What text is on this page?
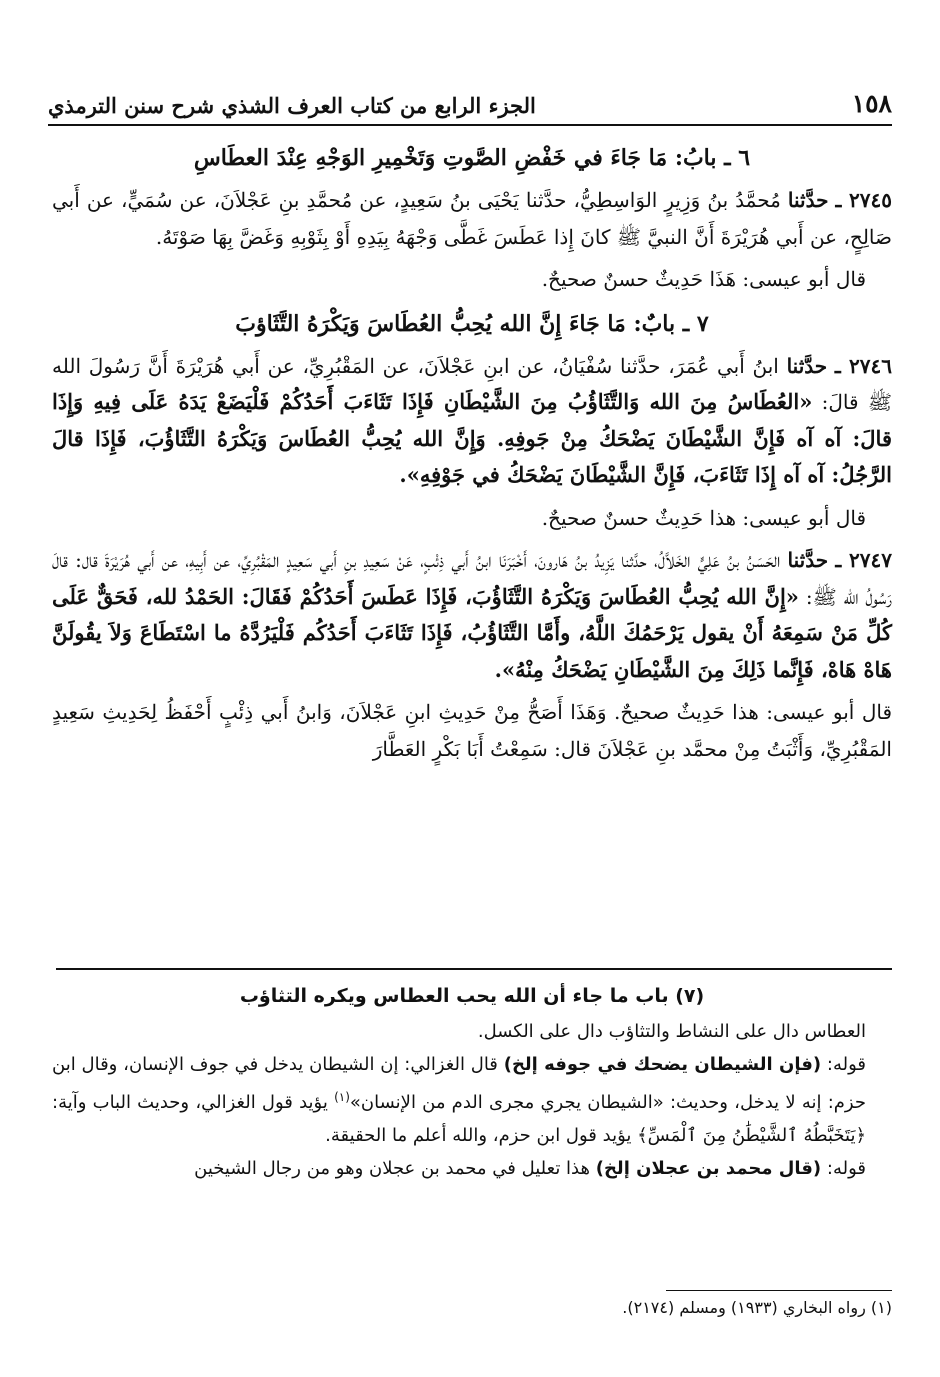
١٥٨
الجزء الرابع من كتاب العرف الشذي شرح سنن الترمذي
٦ ـ بابُ: مَا جَاءَ في خَفْضِ الصَّوتِ وَتَخْمِيرِ الوَجْهِ عِنْدَ العطَاسِ

٢٧٤٥ ـ حدَّثنا مُحمَّدُ بنُ وَزِيرٍ الوَاسِطِيُّ، حدَّثنا يَحْيَى بنُ سَعِيدٍ، عن مُحمَّدِ بنِ عَجْلاَنَ، عن سُمَيٍّ، عن أَبي صَالِحٍ، عن أَبي هُرَيْرَةَ أَنَّ النبيَّ ﷺ كانَ إِذا عَطَسَ غَطَّى وَجْهَهُ بِيَدِهِ أَوْ بِثَوْبِهِ وَغَضَّ بِهَا صَوْتَهُ.

قال أبو عيسى: هَذَا حَدِيثٌ حسنٌ صحيحٌ.

٧ ـ بابٌ: مَا جَاءَ إِنَّ الله يُحِبُّ العُطَاسَ وَيَكْرَهُ التَّثَاؤبَ

٢٧٤٦ ـ حدَّثنا ابنُ أَبي عُمَرَ، حدَّثنا سُفْيَانُ، عن ابنِ عَجْلاَنَ، عن المَقْبُرِيِّ، عن أَبي هُرَيْرَةَ أَنَّ رَسُولَ الله ﷺ قالَ: «العُطَاسُ مِنَ الله وَالتَّثَاؤُبُ مِنَ الشَّيْطَانِ فَإِذَا تَثَاءَبَ أَحَدُكُمْ فَلْيَضَعْ يَدَهُ عَلَى فِيهِ وَإِذَا قالَ: آه آه فَإِنَّ الشَّيْطَانَ يَضْحَكُ مِنْ جَوفِهِ. وَإِنَّ الله يُحِبُّ العُطَاسَ وَيَكْرَهُ التَّثَاؤُبَ، فَإِذَا قالَ الرَّجُلُ: آه آه إِذَا تَثَاءَبَ، فَإِنَّ الشَّيْطَانَ يَضْحَكُ في جَوْفِهِ».

قال أبو عيسى: هذا حَدِيثٌ حسنٌ صحيحٌ.

٢٧٤٧ ـ حدَّثنا الحَسَنُ بنُ عَلِيٍّ الخَلاَّلُ، حدَّثنا يَزِيدُ بنُ هَارونَ، أَخْبَرَنَا ابنُ أَبي ذِئْبٍ، عَنْ سَعِيدِ بنِ أَبي سَعِيدٍ المَقْبُرِيِّ، عن أَبِيهِ، عن أَبي هُرَيْرَةَ قال: قالَ رَسُولُ الله ﷺ: «إِنَّ الله يُحِبُّ العُطَاسَ وَيَكْرَهُ التَّثَاؤُبَ، فَإِذَا عَطَسَ أَحَدُكُمْ فَقَالَ: الحَمْدُ لله، فَحَقٌّ عَلَى كُلِّ مَنْ سَمِعَهُ أَنْ يقول يَرْحَمُكَ اللَّهُ، وأَمَّا التَّثَاؤُبُ، فَإِذَا تَثَاءَبَ أَحَدُكُم فَلْيَرُدَّهُ ما اسْتَطَاعَ وَلاَ يقُولَنَّ هَاهْ هَاهْ، فَإِنَّما ذَلِكَ مِنَ الشَّيْطَانِ يَضْحَكُ مِنْهُ».

قال أبو عيسى: هذا حَدِيثٌ صحيحٌ. وَهَذَا أَصَحُّ مِنْ حَدِيثِ ابنِ عَجْلاَنَ، وَابنُ أَبي ذِئْبٍ أَحْفَظُ لِحَدِيثِ سَعِيدٍ المَقْبُرِيِّ، وَأَثْبَتُ مِنْ محمَّد بنِ عَجْلاَنَ قال: سَمِعْتُ أَبَا بَكْرٍ العَطَّارَ

(٧) باب ما جاء أن الله يحب العطاس ويكره التثاؤب

العطاس دال على النشاط والتثاؤب دال على الكسل.

قوله: (فإن الشيطان يضحك في جوفه إلخ) قال الغزالي: إن الشيطان يدخل في جوف الإنسان، وقال ابن حزم: إنه لا يدخل، وحديث: «الشيطان يجري مجرى الدم من الإنسان»$^{(١)}$ يؤيد قول الغزالي، وحديث الباب وآية: ﴿يَتَخَبَّطُهُ ٱلشَّيْطَٰنُ مِنَ ٱلْمَسِّ﴾ يؤيد قول ابن حزم، والله أعلم ما الحقيقة.

قوله: (قال محمد بن عجلان إلخ) هذا تعليل في محمد بن عجلان وهو من رجال الشيخين

(١) رواه البخاري (١٩٣٣) ومسلم (٢١٧٤).
